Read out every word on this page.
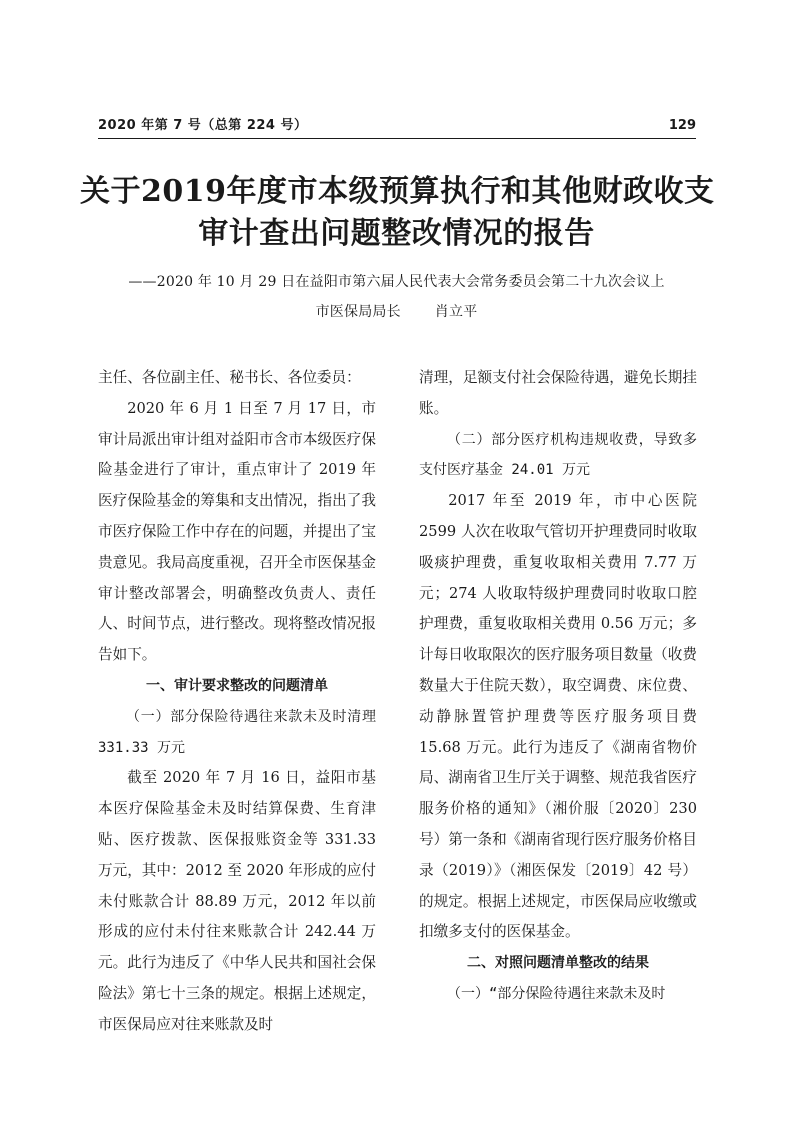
2020 年第 7 号（总第 224 号）	129
关于2019年度市本级预算执行和其他财政收支
审计查出问题整改情况的报告
——2020 年 10 月 29 日在益阳市第六届人民代表大会常务委员会第二十九次会议上
市医保局局长 肖立平

主任、各位副主任、秘书长、各位委员：

2020 年 6 月 1 日至 7 月 17 日，市审计局派出审计组对益阳市含市本级医疗保险基金进行了审计，重点审计了 2019 年医疗保险基金的筹集和支出情况，指出了我市医疗保险工作中存在的问题，并提出了宝贵意见。我局高度重视，召开全市医保基金审计整改部署会，明确整改负责人、责任人、时间节点，进行整改。现将整改情况报告如下。

一、审计要求整改的问题清单

（一）部分保险待遇往来款未及时清理 331.33 万元

截至 2020 年 7 月 16 日，益阳市基本医疗保险基金未及时结算保费、生育津贴、医疗拨款、医保报账资金等 331.33 万元，其中：2012 至 2020 年形成的应付未付账款合计 88.89 万元，2012 年以前形成的应付未付往来账款合计 242.44 万元。此行为违反了《中华人民共和国社会保险法》第七十三条的规定。根据上述规定，市医保局应对往来账款及时

清理，足额支付社会保险待遇，避免长期挂账。

（二）部分医疗机构违规收费，导致多支付医疗基金 24.01 万元

2017 年至 2019 年，市中心医院 2599 人次在收取气管切开护理费同时收取吸痰护理费，重复收取相关费用 7.77 万元；274 人收取特级护理费同时收取口腔护理费，重复收取相关费用 0.56 万元；多计每日收取限次的医疗服务项目数量（收费数量大于住院天数），取空调费、床位费、动静脉置管护理费等医疗服务项目费 15.68 万元。此行为违反了《湖南省物价局、湖南省卫生厅关于调整、规范我省医疗服务价格的通知》（湘价服〔2020〕230 号）第一条和《湖南省现行医疗服务价格目录（2019）》（湘医保发〔2019〕42 号）的规定。根据上述规定，市医保局应收缴或扣缴多支付的医保基金。

二、对照问题清单整改的结果

（一）“部分保险待遇往来款未及时
